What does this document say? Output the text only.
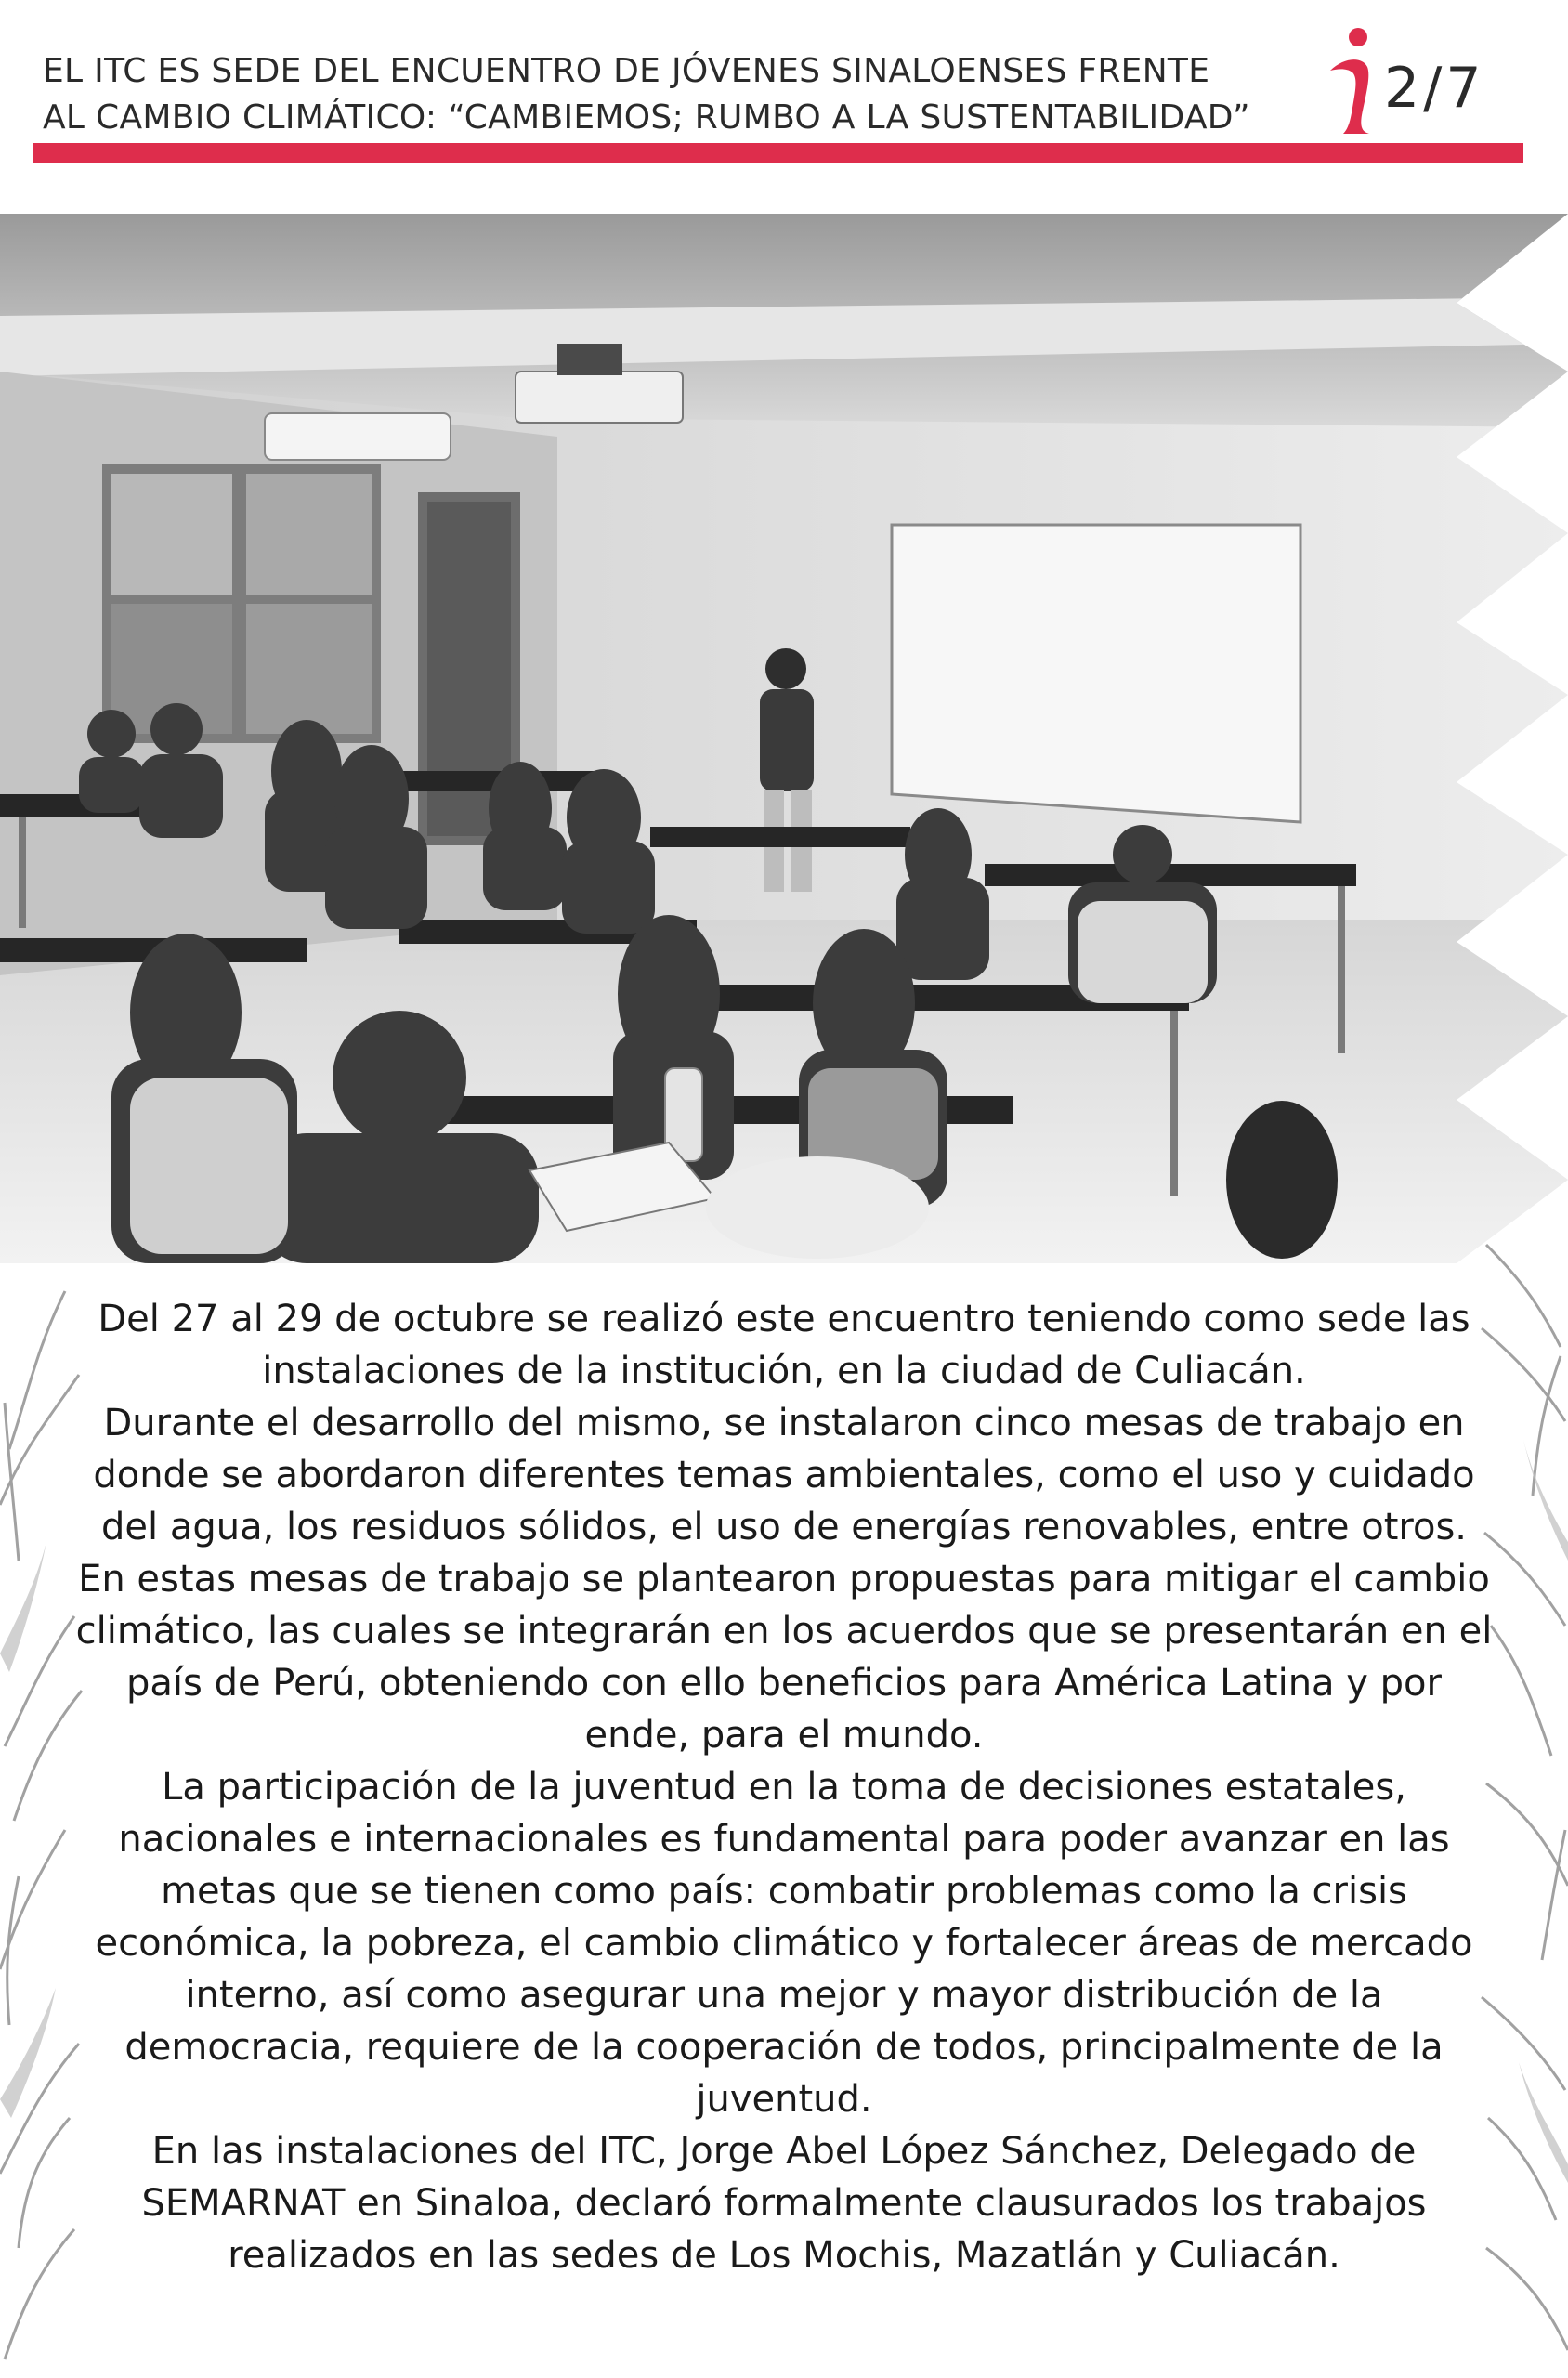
EL ITC ES SEDE DEL ENCUENTRO DE JÓVENES SINALOENSES FRENTE
AL CAMBIO CLIMÁTICO: “CAMBIEMOS; RUMBO A LA SUSTENTABILIDAD”	2/7

Del 27 al 29 de octubre se realizó este encuentro teniendo como sede las instalaciones de la institución, en la ciudad de Culiacán.

Durante el desarrollo del mismo, se instalaron cinco mesas de trabajo en donde se abordaron diferentes temas ambientales, como el uso y cuidado del agua, los residuos sólidos, el uso de energías renovables, entre otros. En estas mesas de trabajo se plantearon propuestas para mitigar el cambio climático, las cuales se integrarán en los acuerdos que se presentarán en el país de Perú, obteniendo con ello beneficios para América Latina y por ende, para el mundo.

La participación de la juventud en la toma de decisiones estatales, nacionales e internacionales es fundamental para poder avanzar en las metas que se tienen como país: combatir problemas como la crisis económica, la pobreza, el cambio climático y fortalecer áreas de mercado interno, así como asegurar una mejor y mayor distribución de la democracia, requiere de la cooperación de todos, principalmente de la juventud.

En las instalaciones del ITC, Jorge Abel López Sánchez, Delegado de SEMARNAT en Sinaloa, declaró formalmente clausurados los trabajos realizados en las sedes de Los Mochis, Mazatlán y Culiacán.
